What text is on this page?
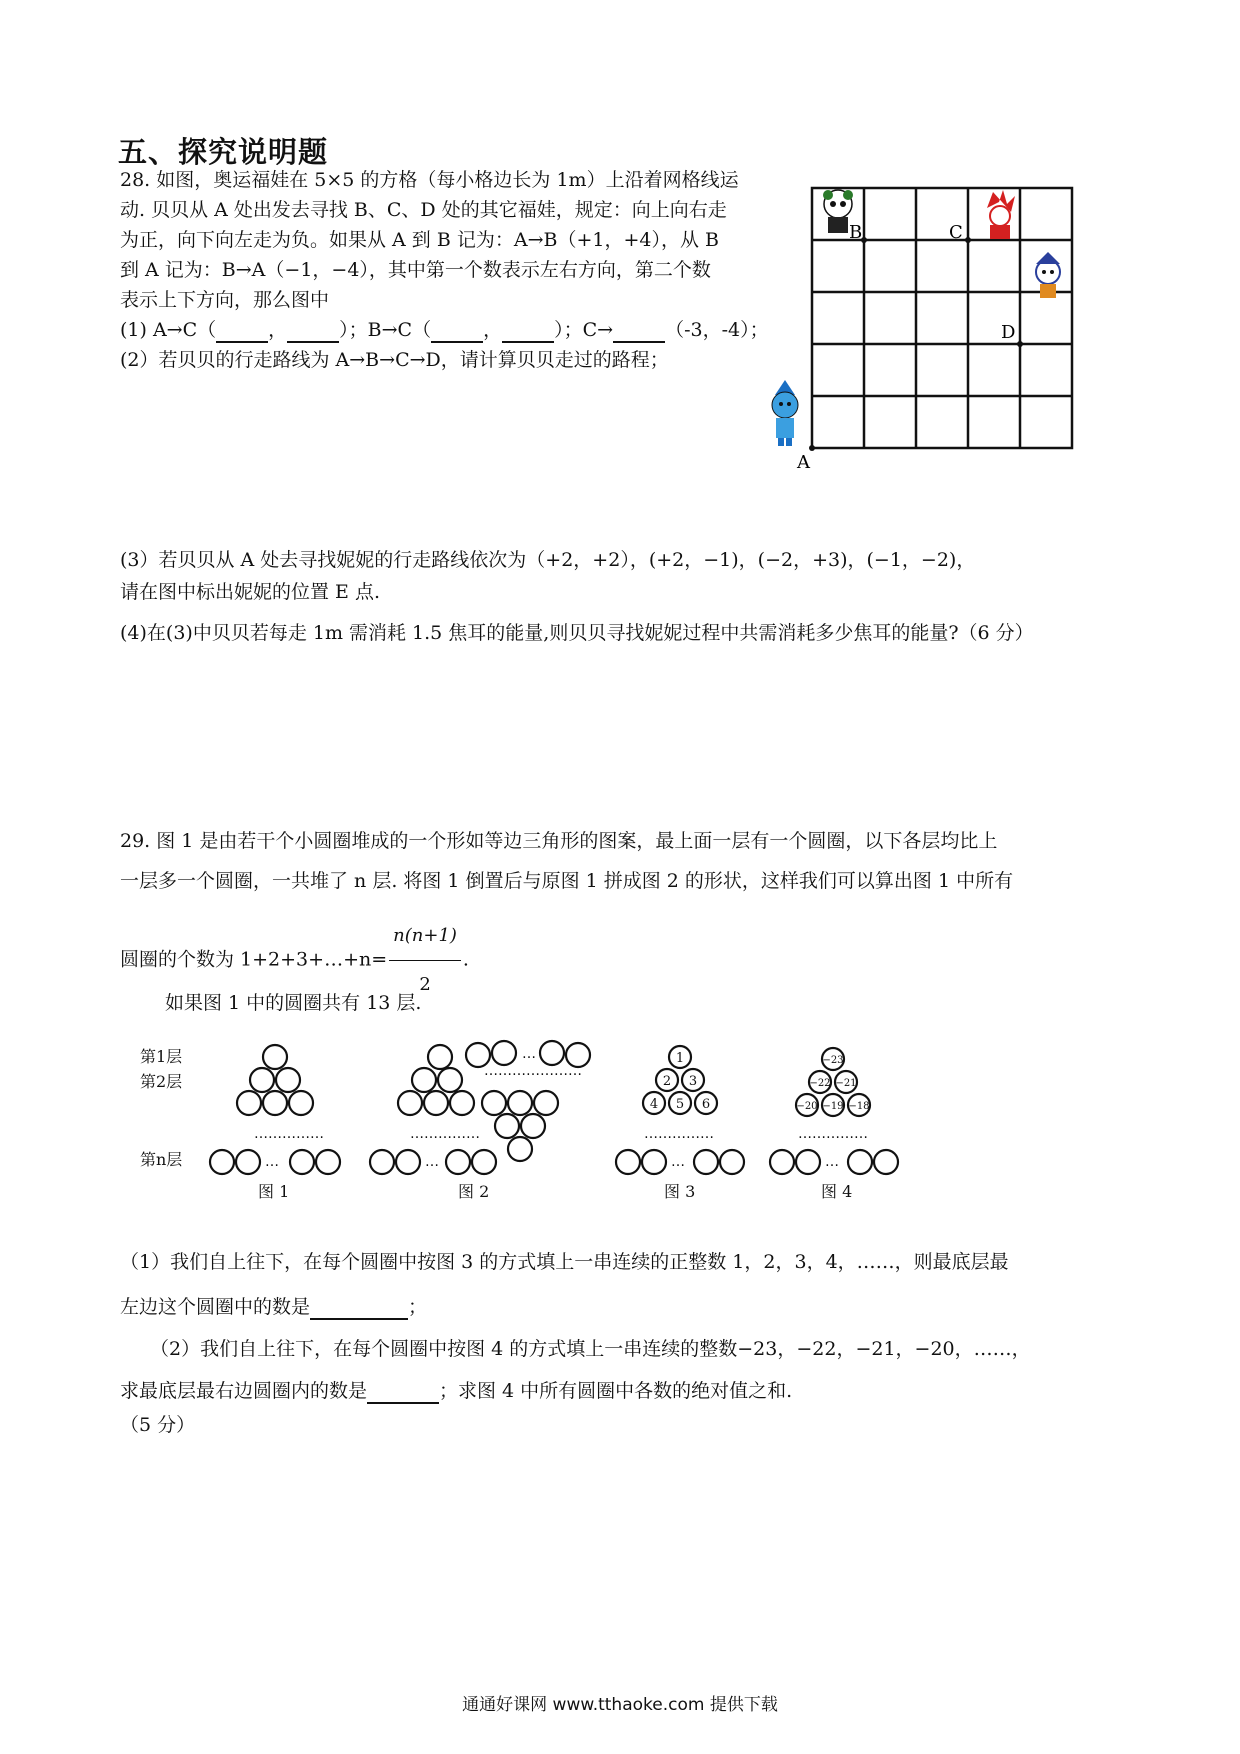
五、探究说明题
28. 如图，奥运福娃在 5×5 的方格（每小格边长为 1m）上沿着网格线运
动. 贝贝从 A 处出发去寻找 B、C、D 处的其它福娃，规定：向上向右走
为正，向下向左走为负。如果从 A 到 B 记为：A→B（+1，+4），从 B
到 A 记为：B→A（−1，−4），其中第一个数表示左右方向，第二个数
表示上下方向，那么图中
(1) A→C（	，	）；B→C（	，	）；C→	（-3，-4）；
(2）若贝贝的行走路线为 A→B→C→D，请计算贝贝走过的路程；
B	C
D
A
(3）若贝贝从 A 处去寻找妮妮的行走路线依次为（+2，+2），(+2，−1)，(−2，+3)，(−1，−2)，
请在图中标出妮妮的位置 E 点.
(4)在(3)中贝贝若每走 1m 需消耗 1.5 焦耳的能量,则贝贝寻找妮妮过程中共需消耗多少焦耳的能量?（6 分）
29. 图 1 是由若干个小圆圈堆成的一个形如等边三角形的图案，最上面一层有一个圆圈，以下各层均比上
一层多一个圆圈，一共堆了 n 层. 将图 1 倒置后与原图 1 拼成图 2 的形状，这样我们可以算出图 1 中所有
圆圈的个数为 1+2+3+…+n= $\frac{n(n+1)}{2}$ .
如果图 1 中的圆圈共有 13 层.
第1层
第2层
第n层
图 1	图 2	图 3	图 4
……………
…
…
…………………
……………
…
……………
…
……………
…
1
2 3
4 5 6
−23
−22 −21
−20 −19 −18
（1）我们自上往下，在每个圆圈中按图 3 的方式填上一串连续的正整数 1，2，3，4，……，则最底层最
左边这个圆圈中的数是	；
（2）我们自上往下，在每个圆圈中按图 4 的方式填上一串连续的整数−23，−22，−21，−20，……，
求最底层最右边圆圈内的数是	；求图 4 中所有圆圈中各数的绝对值之和.
（5 分）
通通好课网 www.tthaoke.com 提供下载
